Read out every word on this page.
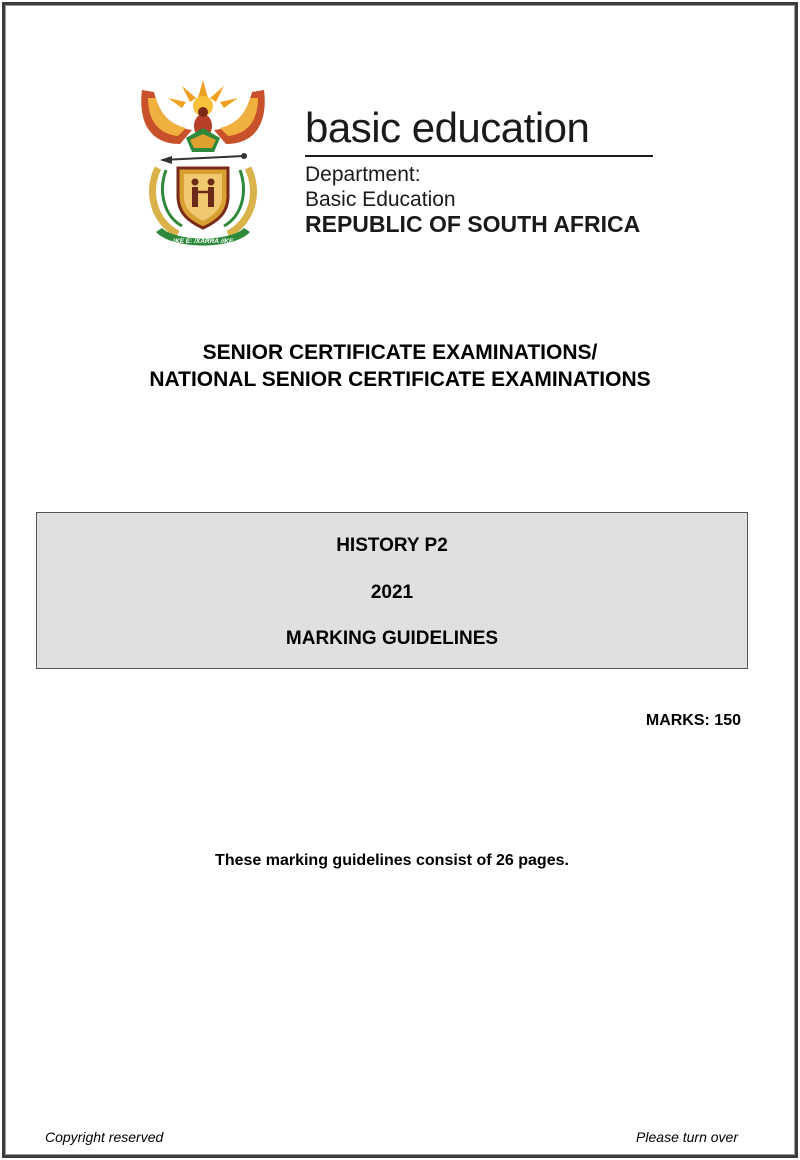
!KE E: /XARRA //KE
basic education
Department:
Basic Education
REPUBLIC OF SOUTH AFRICA
SENIOR CERTIFICATE EXAMINATIONS/
NATIONAL SENIOR CERTIFICATE EXAMINATIONS
HISTORY P2
2021
MARKING GUIDELINES
MARKS: 150
These marking guidelines consist of 26 pages.
Copyright reserved	Please turn over
